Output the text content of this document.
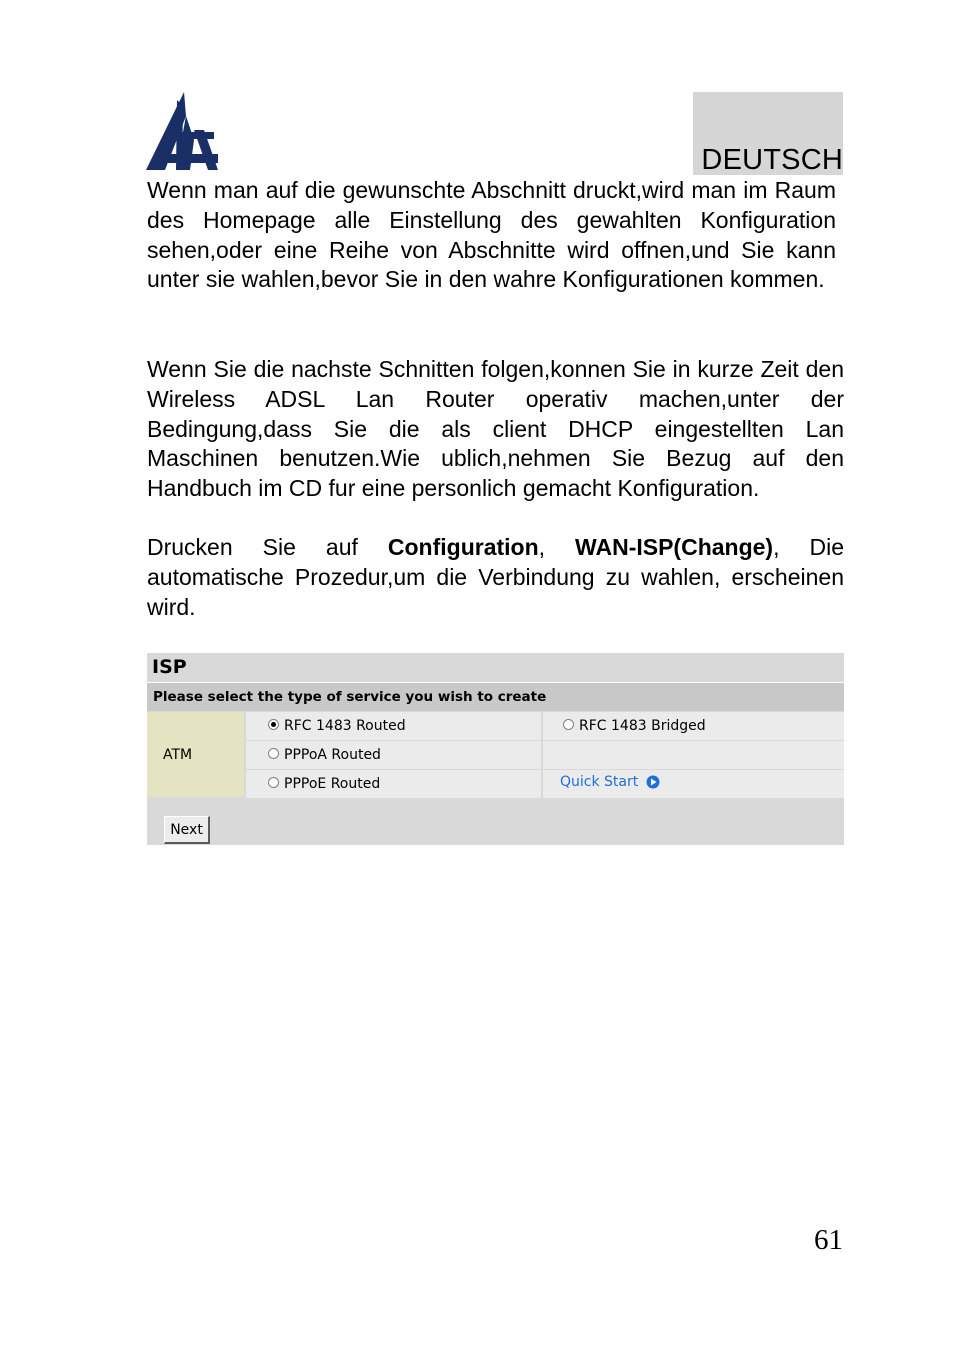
DEUTSCH

Wenn man auf die gewunschte Abschnitt druckt,wird man im Raum des Homepage alle Einstellung des gewahlten Konfiguration sehen,oder eine Reihe von Abschnitte wird offnen,und Sie kann unter sie wahlen,bevor Sie in den wahre Konfigurationen kommen.

Wenn Sie die nachste Schnitten folgen,konnen Sie in kurze Zeit den Wireless ADSL Lan Router operativ machen,unter der Bedingung,dass Sie die als client DHCP eingestellten Lan Maschinen benutzen.Wie ublich,nehmen Sie Bezug auf den Handbuch im CD fur eine personlich gemacht Konfiguration.

Drucken Sie auf Configuration, WAN-ISP(Change), Die automatische Prozedur,um die Verbindung zu wahlen, erscheinen wird.

ISP
Please select the type of service you wish to create
ATM
RFC 1483 Routed	RFC 1483 Bridged
PPPoA Routed
PPPoE Routed	Quick Start
Next
61
